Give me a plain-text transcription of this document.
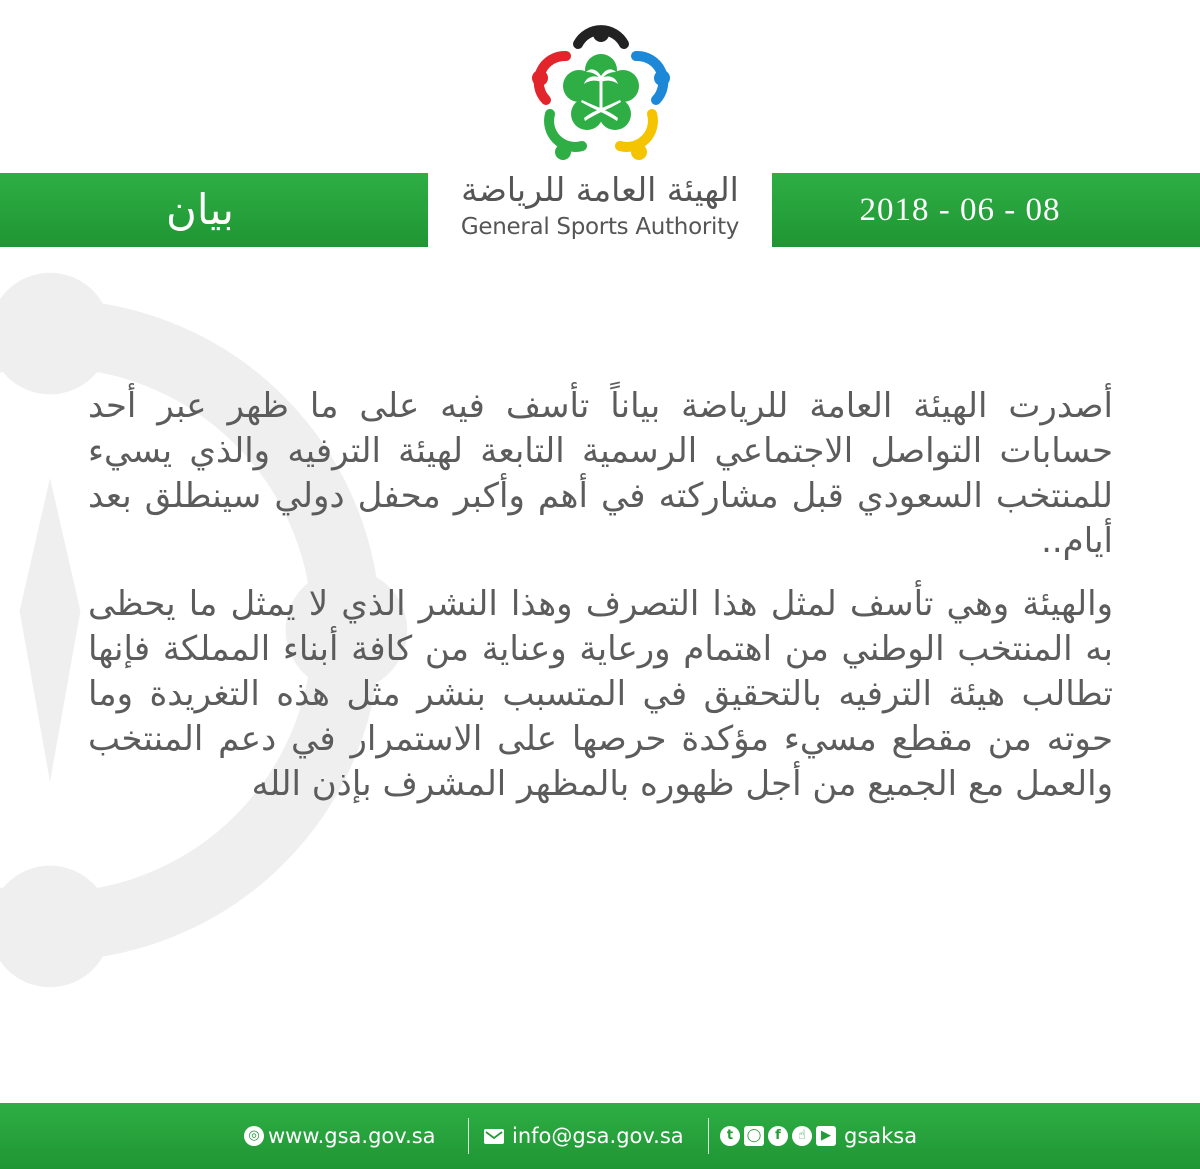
بيان	2018 - 06 - 08
الهيئة العامة للرياضة
General Sports Authority

أصدرت الهيئة العامة للرياضة بياناً تأسف فيه على ما ظهر عبر أحد حسابات التواصل الاجتماعي الرسمية التابعة لهيئة الترفيه والذي يسيء للمنتخب السعودي قبل مشاركته في أهم وأكبر محفل دولي سينطلق بعد أيام..

والهيئة وهي تأسف لمثل هذا التصرف وهذا النشر الذي لا يمثل ما يحظى به المنتخب الوطني من اهتمام ورعاية وعناية من كافة أبناء المملكة فإنها تطالب هيئة الترفيه بالتحقيق في المتسبب بنشر مثل هذه التغريدة وما حوته من مقطع مسيء مؤكدة حرصها على الاستمرار في دعم المنتخب والعمل مع الجميع من أجل ظهوره بالمظهر المشرف بإذن الله

◎ www.gsa.gov.sa	info@gsa.gov.sa	t	◯	f	☝	▶ gsaksa
